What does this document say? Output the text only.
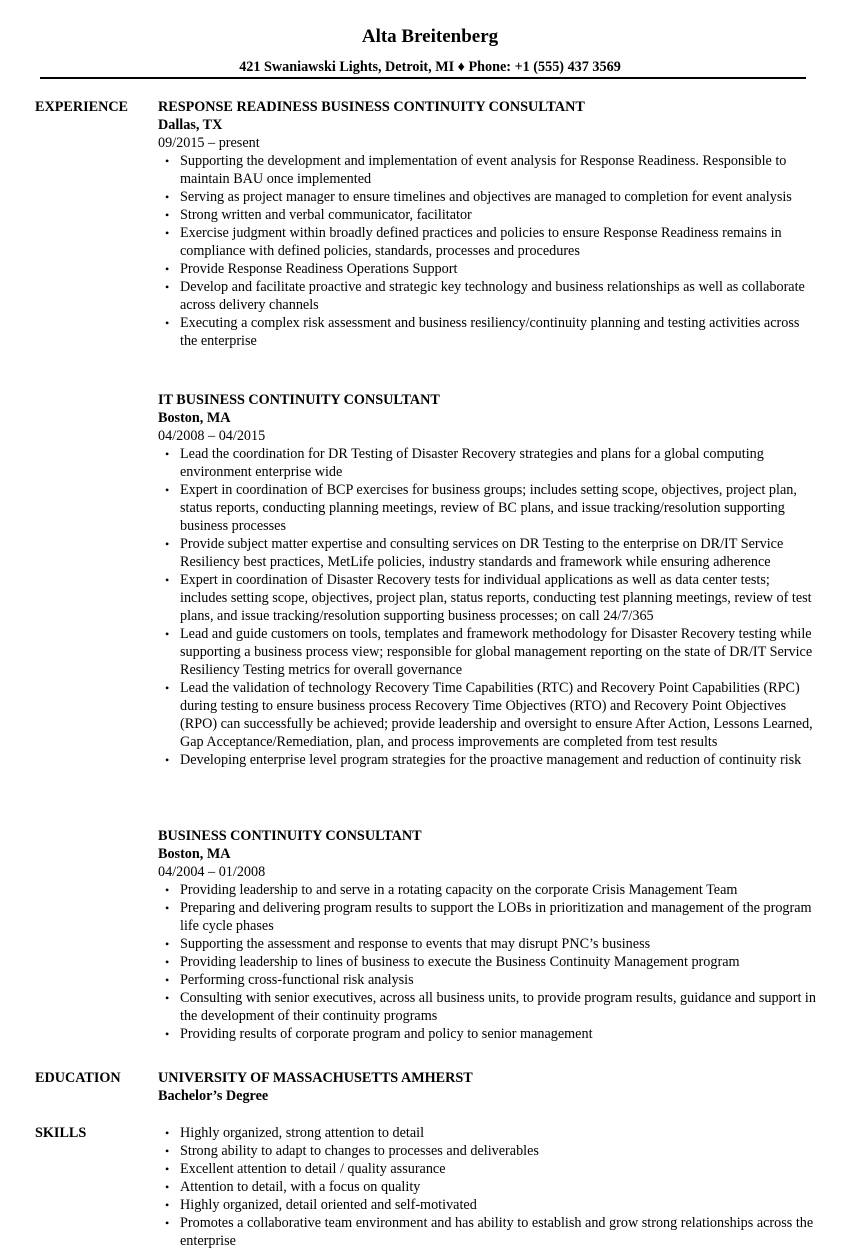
Alta Breitenberg
421 Swaniawski Lights, Detroit, MI ♦ Phone: +1 (555) 437 3569
EXPERIENCE RESPONSE READINESS BUSINESS CONTINUITY CONSULTANT
Dallas, TX
09/2015 – present
• Supporting the development and implementation of event analysis for Response Readiness. Responsible to maintain BAU once implemented
• Serving as project manager to ensure timelines and objectives are managed to completion for event analysis
• Strong written and verbal communicator, facilitator
• Exercise judgment within broadly defined practices and policies to ensure Response Readiness remains in compliance with defined policies, standards, processes and procedures
• Provide Response Readiness Operations Support
• Develop and facilitate proactive and strategic key technology and business relationships as well as collaborate across delivery channels
• Executing a complex risk assessment and business resiliency/continuity planning and testing activities across the enterprise
IT BUSINESS CONTINUITY CONSULTANT
Boston, MA
04/2008 – 04/2015
• Lead the coordination for DR Testing of Disaster Recovery strategies and plans for a global computing environment enterprise wide
• Expert in coordination of BCP exercises for business groups; includes setting scope, objectives, project plan, status reports, conducting planning meetings, review of BC plans, and issue tracking/resolution supporting business processes
• Provide subject matter expertise and consulting services on DR Testing to the enterprise on DR/IT Service Resiliency best practices, MetLife policies, industry standards and framework while ensuring adherence
• Expert in coordination of Disaster Recovery tests for individual applications as well as data center tests; includes setting scope, objectives, project plan, status reports, conducting test planning meetings, review of test plans, and issue tracking/resolution supporting business processes; on call 24/7/365
• Lead and guide customers on tools, templates and framework methodology for Disaster Recovery testing while supporting a business process view; responsible for global management reporting on the state of DR/IT Service Resiliency Testing metrics for overall governance
• Lead the validation of technology Recovery Time Capabilities (RTC) and Recovery Point Capabilities (RPC) during testing to ensure business process Recovery Time Objectives (RTO) and Recovery Point Objectives (RPO) can successfully be achieved; provide leadership and oversight to ensure After Action, Lessons Learned, Gap Acceptance/Remediation, plan, and process improvements are completed from test results
• Developing enterprise level program strategies for the proactive management and reduction of continuity risk
BUSINESS CONTINUITY CONSULTANT
Boston, MA
04/2004 – 01/2008
• Providing leadership to and serve in a rotating capacity on the corporate Crisis Management Team
• Preparing and delivering program results to support the LOBs in prioritization and management of the program life cycle phases
• Supporting the assessment and response to events that may disrupt PNC’s business
• Providing leadership to lines of business to execute the Business Continuity Management program
• Performing cross-functional risk analysis
• Consulting with senior executives, across all business units, to provide program results, guidance and support in the development of their continuity programs
• Providing results of corporate program and policy to senior management
EDUCATION	UNIVERSITY OF MASSACHUSETTS AMHERST
Bachelor’s Degree
SKILLS	• Highly organized, strong attention to detail
• Strong ability to adapt to changes to processes and deliverables
• Excellent attention to detail / quality assurance
• Attention to detail, with a focus on quality
• Highly organized, detail oriented and self-motivated
• Promotes a collaborative team environment and has ability to establish and grow strong relationships across the enterprise
